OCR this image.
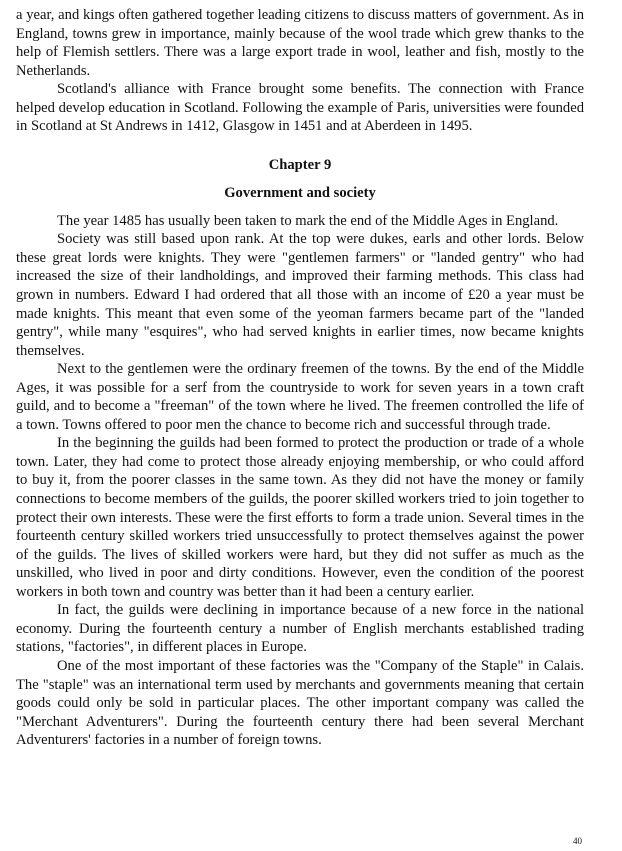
a year, and kings often gathered together leading citizens to discuss matters of government. As in England, towns grew in importance, mainly because of the wool trade which grew thanks to the help of Flemish settlers. There was a large export trade in wool, leather and fish, mostly to the Netherlands.

Scotland's alliance with France brought some benefits. The connection with France helped develop education in Scotland. Following the example of Paris, universities were founded in Scotland at St Andrews in 1412, Glasgow in 1451 and at Aberdeen in 1495.

Chapter 9
Government and society

The year 1485 has usually been taken to mark the end of the Middle Ages in England.

Society was still based upon rank. At the top were dukes, earls and other lords. Below these great lords were knights. They were "gentlemen farmers" or "landed gentry" who had increased the size of their landholdings, and improved their farming methods. This class had grown in numbers. Edward I had ordered that all those with an income of £20 a year must be made knights. This meant that even some of the yeoman farmers became part of the "landed gentry", while many "esquires", who had served knights in earlier times, now became knights themselves.

Next to the gentlemen were the ordinary freemen of the towns. By the end of the Middle Ages, it was possible for a serf from the countryside to work for seven years in a town craft guild, and to become a "freeman" of the town where he lived. The freemen controlled the life of a town. Towns offered to poor men the chance to become rich and successful through trade.

In the beginning the guilds had been formed to protect the production or trade of a whole town. Later, they had come to protect those already enjoying membership, or who could afford to buy it, from the poorer classes in the same town. As they did not have the money or family connections to become members of the guilds, the poorer skilled workers tried to join together to protect their own interests. These were the first efforts to form a trade union. Several times in the fourteenth century skilled workers tried unsuccessfully to protect themselves against the power of the guilds. The lives of skilled workers were hard, but they did not suffer as much as the unskilled, who lived in poor and dirty conditions. However, even the condition of the poorest workers in both town and country was better than it had been a century earlier.

In fact, the guilds were declining in importance because of a new force in the national economy. During the fourteenth century a number of English merchants established trading stations, "factories", in different places in Europe.

One of the most important of these factories was the "Company of the Staple" in Calais. The "staple" was an international term used by merchants and governments meaning that certain goods could only be sold in particular places. The other important company was called the "Merchant Adventurers". During the fourteenth century there had been several Merchant Adventurers' factories in a number of foreign towns.

40
